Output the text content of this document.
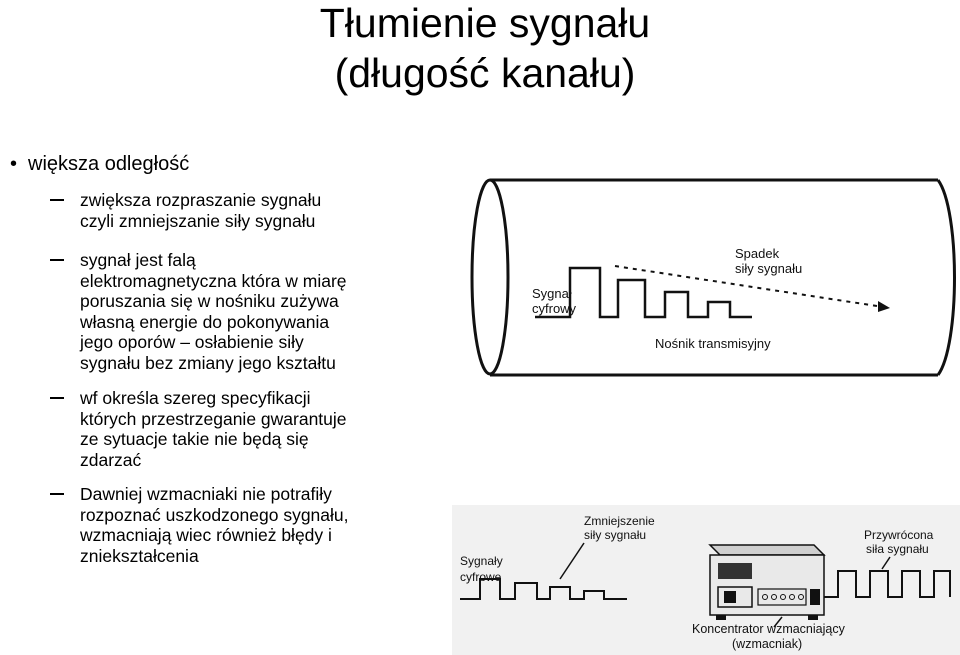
Tłumienie sygnału
(długość kanału)
• większa odległość
zwiększa rozpraszanie sygnału
czyli zmniejszanie siły sygnału
sygnał jest falą
elektromagnetyczna która w miarę
poruszania się w nośniku zużywa
własną energie do pokonywania
jego oporów – osłabienie siły
sygnału bez zmiany jego kształtu
wf określa szereg specyfikacji
których przestrzeganie gwarantuje
ze sytuacje takie nie będą się
zdarzać
Dawniej wzmacniaki nie potrafiły
rozpoznać uszkodzonego sygnału,
wzmacniają wiec również błędy i
zniekształcenia
Sygnał
cyfrowy
Spadek
siły sygnału
Nośnik transmisyjny
Zmniejszenie
siły sygnału	Przywrócona
siła sygnału
Sygnały
cyfrowe
Koncentrator wzmacniający
(wzmacniak)
